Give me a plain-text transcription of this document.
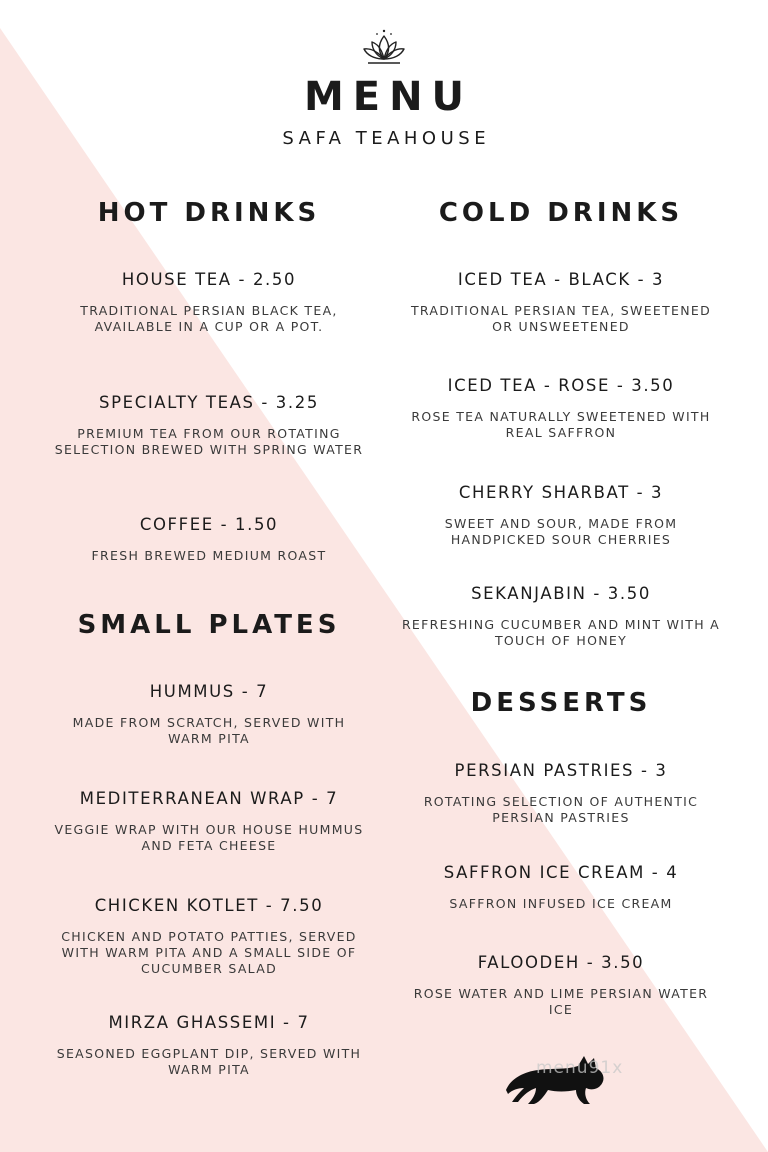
MENU
SAFA TEAHOUSE
HOT DRINKS
HOUSE TEA - 2.50
TRADITIONAL PERSIAN BLACK TEA, AVAILABLE IN A CUP OR A POT.
SPECIALTY TEAS - 3.25
PREMIUM TEA FROM OUR ROTATING SELECTION BREWED WITH SPRING WATER
COFFEE - 1.50
FRESH BREWED MEDIUM ROAST
SMALL PLATES
HUMMUS - 7
MADE FROM SCRATCH, SERVED WITH WARM PITA
MEDITERRANEAN WRAP - 7
VEGGIE WRAP WITH OUR HOUSE HUMMUS AND FETA CHEESE
CHICKEN KOTLET - 7.50
CHICKEN AND POTATO PATTIES, SERVED WITH WARM PITA AND A SMALL SIDE OF CUCUMBER SALAD
MIRZA GHASSEMI - 7
SEASONED EGGPLANT DIP, SERVED WITH WARM PITA
COLD DRINKS
ICED TEA - BLACK - 3
TRADITIONAL PERSIAN TEA, SWEETENED OR UNSWEETENED
ICED TEA - ROSE - 3.50
ROSE TEA NATURALLY SWEETENED WITH REAL SAFFRON
CHERRY SHARBAT - 3
SWEET AND SOUR, MADE FROM HANDPICKED SOUR CHERRIES
SEKANJABIN - 3.50
REFRESHING CUCUMBER AND MINT WITH A TOUCH OF HONEY
DESSERTS
PERSIAN PASTRIES - 3
ROTATING SELECTION OF AUTHENTIC PERSIAN PASTRIES
SAFFRON ICE CREAM - 4
SAFFRON INFUSED ICE CREAM
FALOODEH - 3.50
ROSE WATER AND LIME PERSIAN WATER ICE
menu91x
